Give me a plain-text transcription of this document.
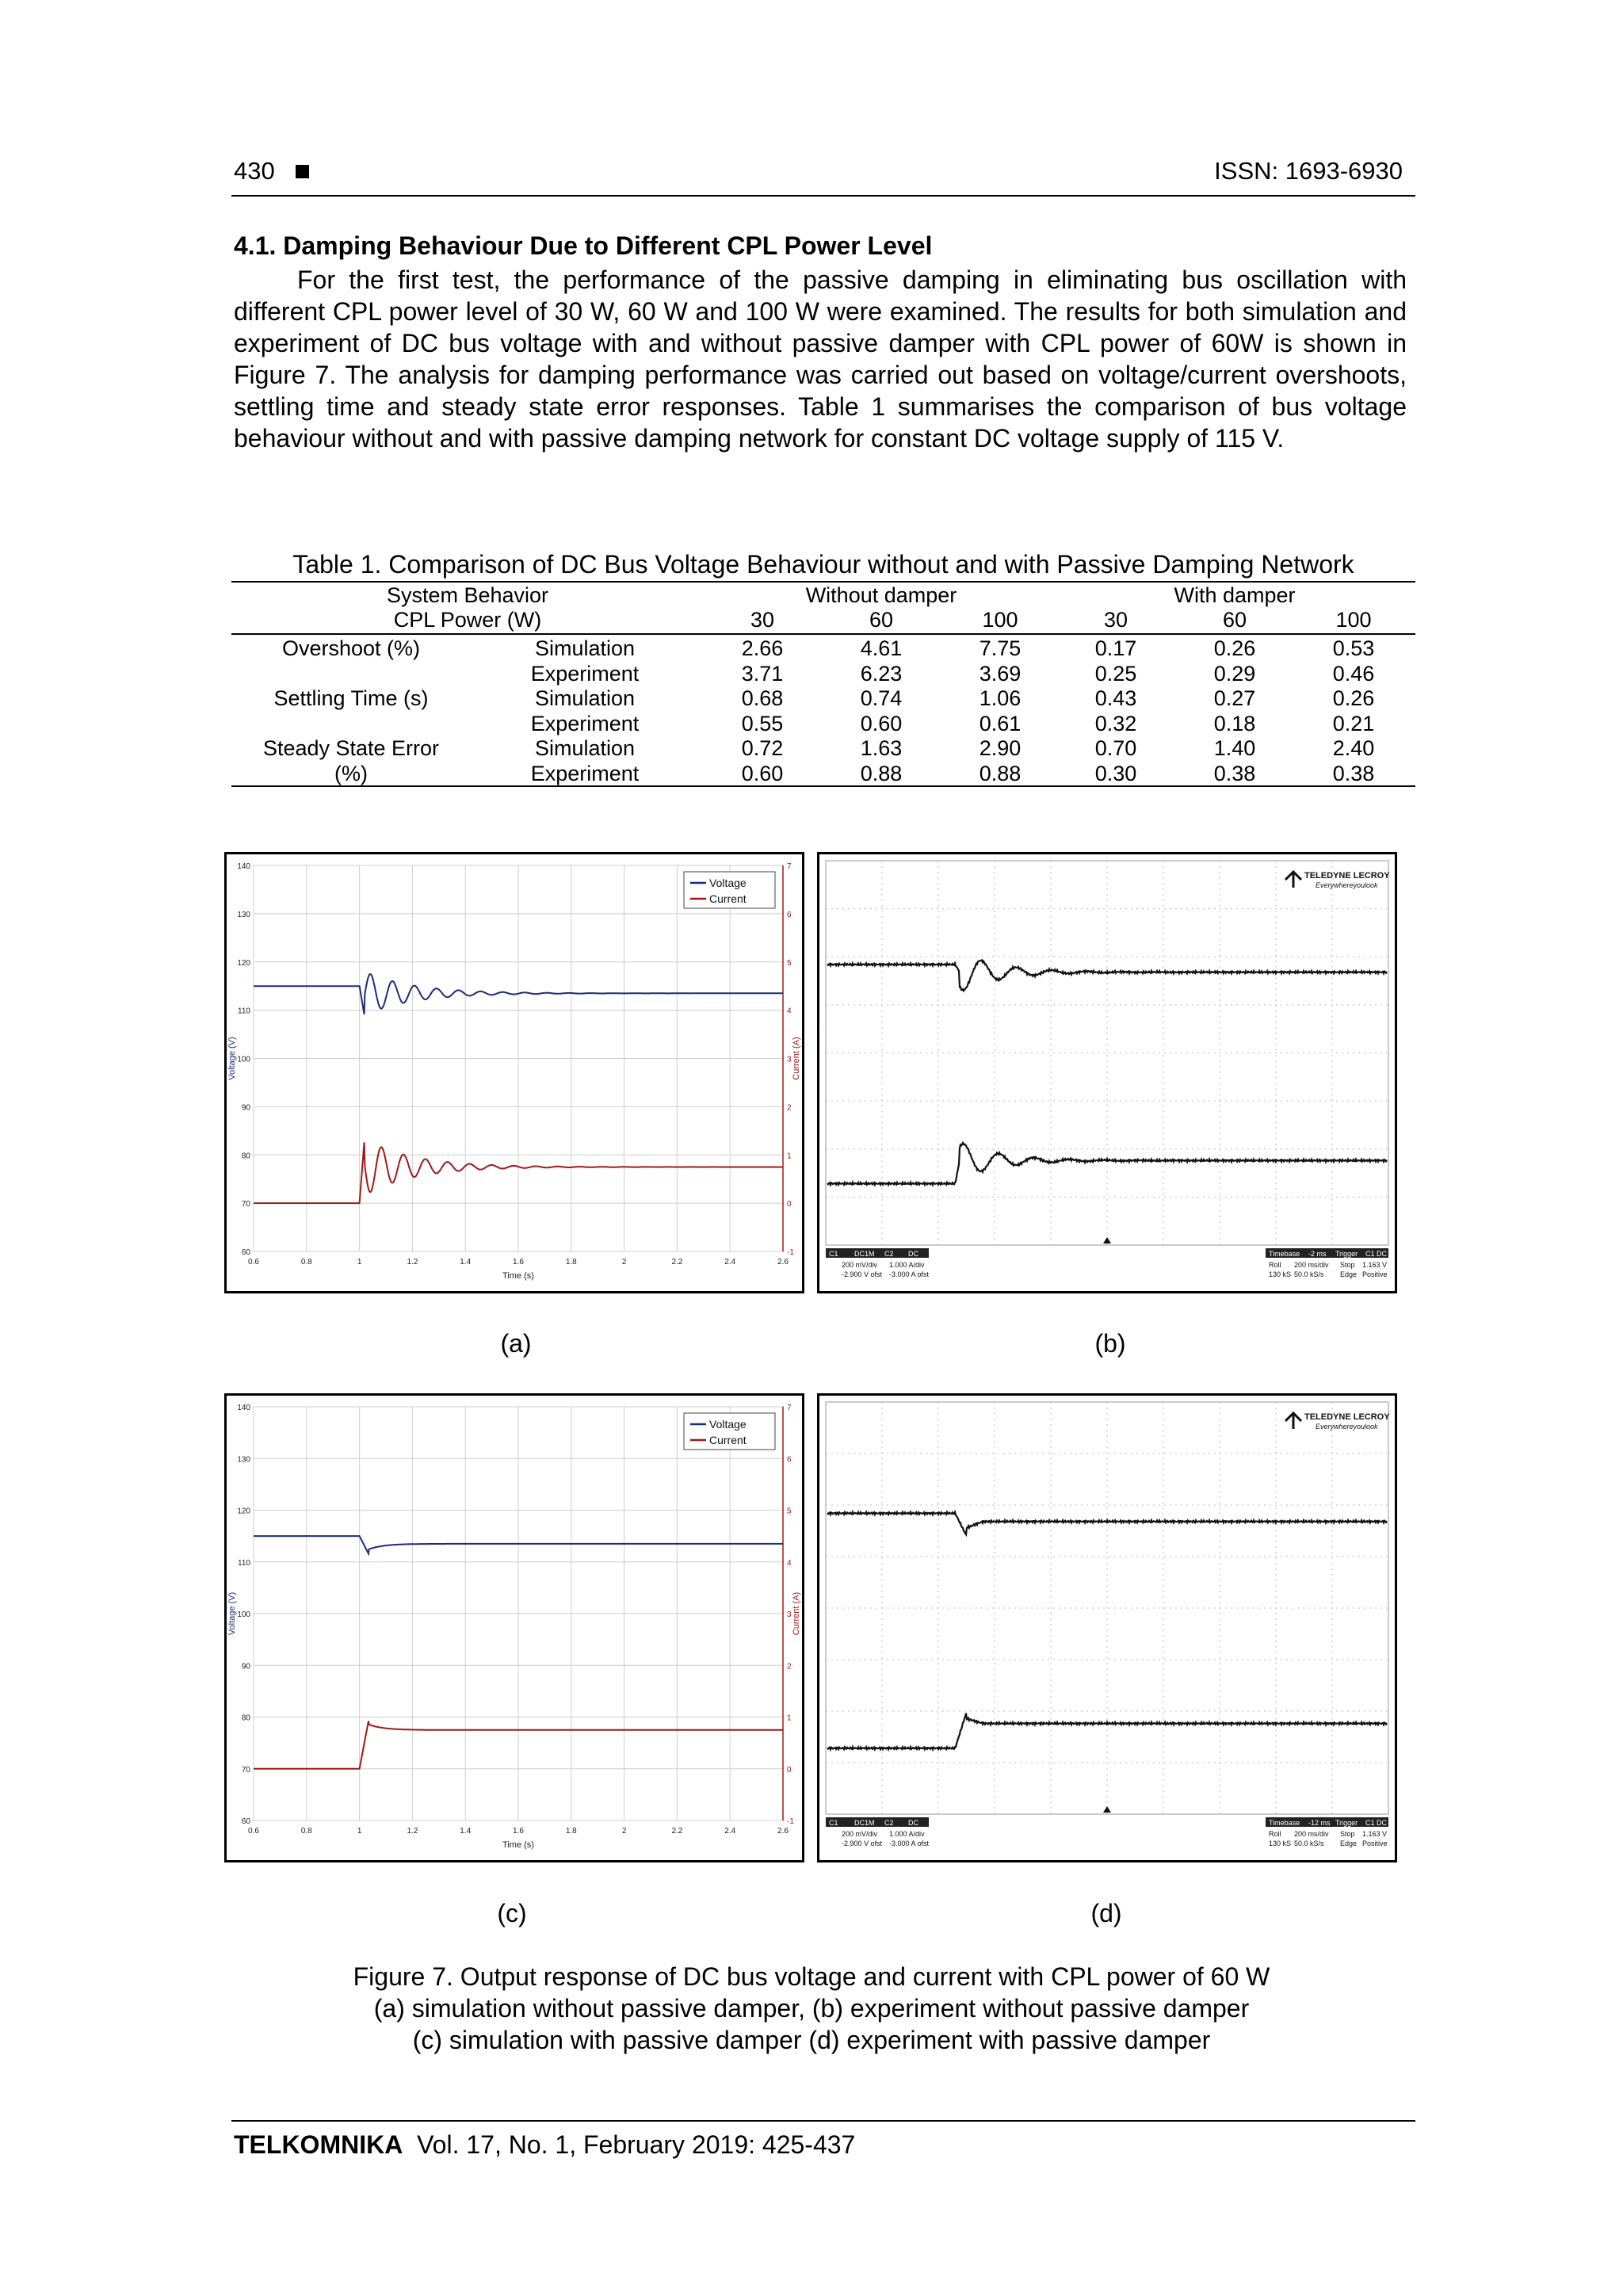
430	ISSN: 1693-6930
4.1. Damping Behaviour Due to Different CPL Power Level
For the first test, the performance of the passive damping in eliminating bus oscillation with different CPL power level of 30 W, 60 W and 100 W were examined. The results for both simulation and experiment of DC bus voltage with and without passive damper with CPL power of 60W is shown in Figure 7. The analysis for damping performance was carried out based on voltage/current overshoots, settling time and steady state error responses. Table 1 summarises the comparison of bus voltage behaviour without and with passive damping network for constant DC voltage supply of 115 V.
Table 1. Comparison of DC Bus Voltage Behaviour without and with Passive Damping Network
System Behavior	Without damper	With damper
CPL Power (W)	30	60	100	30	60	100
Overshoot (%)	Simulation	2.66	4.61	7.75	0.17	0.26	0.53
Experiment	3.71	6.23	3.69	0.25	0.29	0.46
Settling Time (s)	Simulation	0.68	0.74	1.06	0.43	0.27	0.26
Experiment	0.55	0.60	0.61	0.32	0.18	0.21
Steady State Error	Simulation	0.72	1.63	2.90	0.70	1.40	2.40
(%)	Experiment	0.60	0.88	0.88	0.30	0.38	0.38
0.6	0.8	1	1.2	1.4	1.6	1.8	2	2.2	2.4	2.6
140
130
120
110
100
90
80
70
60
7
6
5
4
3
2
1
0
-1
Time (s)
Voltage (V)	Current (A)
Voltage
Current
TELEDYNE LECROY
Everywhereyoulook
C1 DC1M C2 DC
200 mV/div
-2.900 V ofst
1.000 A/div
-3.000 A ofst
Timebase -2 ms Trigger C1 DC
Roll 200 ms/div Stop 1.163 V
130 kS 50.0 kS/s Edge Positive
(a)	(b)
0.6	0.8	1	1.2	1.4	1.6	1.8	2	2.2	2.4	2.6
140
130
120
110
100
90
80
70
60
7
6
5
4
3
2
1
0
-1
Time (s)
Voltage (V)	Current (A)
Voltage
Current
TELEDYNE LECROY
Everywhereyoulook
C1 DC1M C2 DC
200 mV/div
-2.900 V ofst
1.000 A/div
-3.000 A ofst
Timebase -12 ms Trigger C1 DC
Roll 200 ms/div Stop 1.163 V
130 kS 50.0 kS/s Edge Positive
(c)	(d)
Figure 7. Output response of DC bus voltage and current with CPL power of 60 W
(a) simulation without passive damper, (b) experiment without passive damper
(c) simulation with passive damper (d) experiment with passive damper
TELKOMNIKA Vol. 17, No. 1, February 2019: 425-437
